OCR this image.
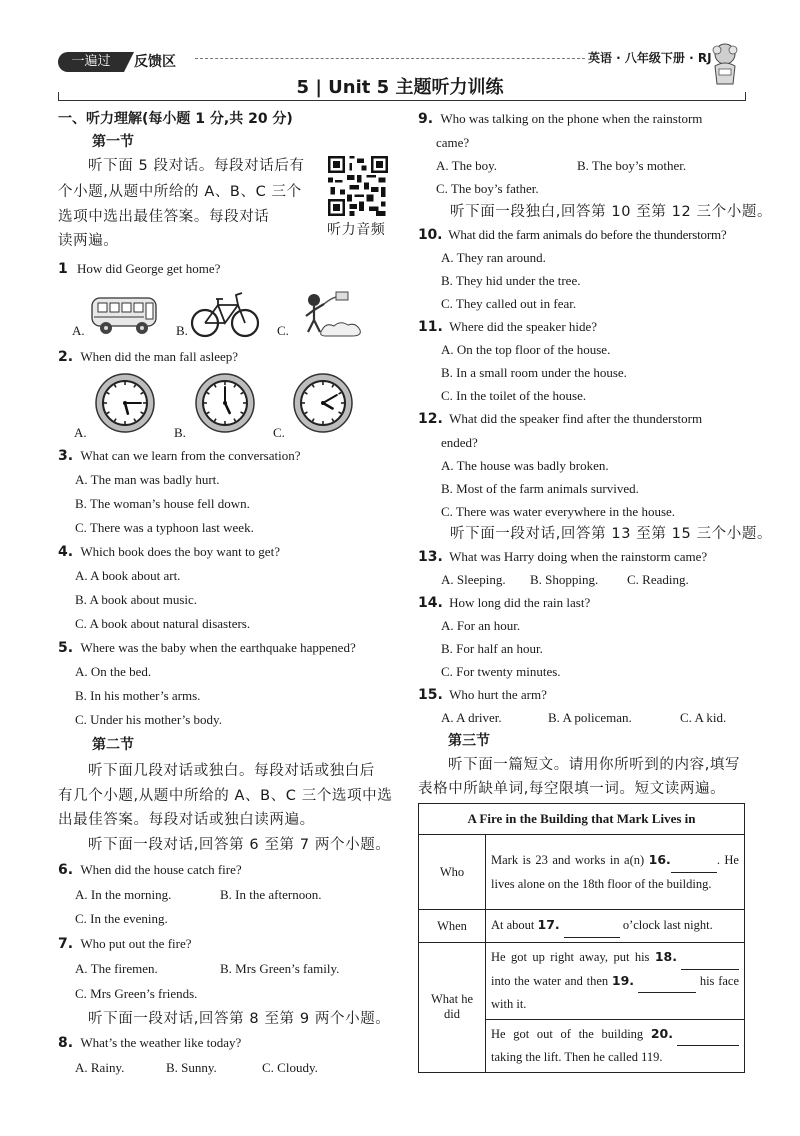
一遍过	反馈区	英语 · 八年级下册 · RJ
5 | Unit 5 主题听力训练
一、听力理解(每小题 1 分,共 20 分)
第一节
听下面 5 段对话。每段对话后有
个小题,从题中所给的 A、B、C 三个
选项中选出最佳答案。每段对话
读两遍。
听力音频
1 How did George get home?
A.	B.	C.
2. When did the man fall asleep?
A.	B.	C.
3. What can we learn from the conversation?
A. The man was badly hurt.
B. The woman’s house fell down.
C. There was a typhoon last week.
4. Which book does the boy want to get?
A. A book about art.
B. A book about music.
C. A book about natural disasters.
5. Where was the baby when the earthquake happened?
A. On the bed.
B. In his mother’s arms.
C. Under his mother’s body.
第二节
听下面几段对话或独白。每段对话或独白后
有几个小题,从题中所给的 A、B、C 三个选项中选
出最佳答案。每段对话或独白读两遍。
听下面一段对话,回答第 6 至第 7 两个小题。
6. When did the house catch fire?
A. In the morning.	B. In the afternoon.
C. In the evening.
7. Who put out the fire?
A. The firemen.	B. Mrs Green’s family.
C. Mrs Green’s friends.
听下面一段对话,回答第 8 至第 9 两个小题。
8. What’s the weather like today?
A. Rainy.	B. Sunny.	C. Cloudy.
9. Who was talking on the phone when the rainstorm
came?
A. The boy.	B. The boy’s mother.
C. The boy’s father.
听下面一段独白,回答第 10 至第 12 三个小题。
10. What did the farm animals do before the thunderstorm?
A. They ran around.
B. They hid under the tree.
C. They called out in fear.
11. Where did the speaker hide?
A. On the top floor of the house.
B. In a small room under the house.
C. In the toilet of the house.
12. What did the speaker find after the thunderstorm
ended?
A. The house was badly broken.
B. Most of the farm animals survived.
C. There was water everywhere in the house.
听下面一段对话,回答第 13 至第 15 三个小题。
13. What was Harry doing when the rainstorm came?
A. Sleeping. B. Shopping. C. Reading.
14. How long did the rain last?
A. For an hour.
B. For half an hour.
C. For twenty minutes.
15. Who hurt the arm?
A. A driver.	B. A policeman.	C. A kid.
第三节
听下面一篇短文。请用你所听到的内容,填写
表格中所缺单词,每空限填一词。短文读两遍。
A Fire in the Building that Mark Lives in	
Who	Mark is 23 and works in a(n) 16. . He lives alone on the 18th floor of the building.
When	At about 17. o’clock last night.

What he
did	He got up right away, put his 18.  into the water and then 19. his face with it.
	He got out of the building 20.  taking the lift. Then he called 119.
